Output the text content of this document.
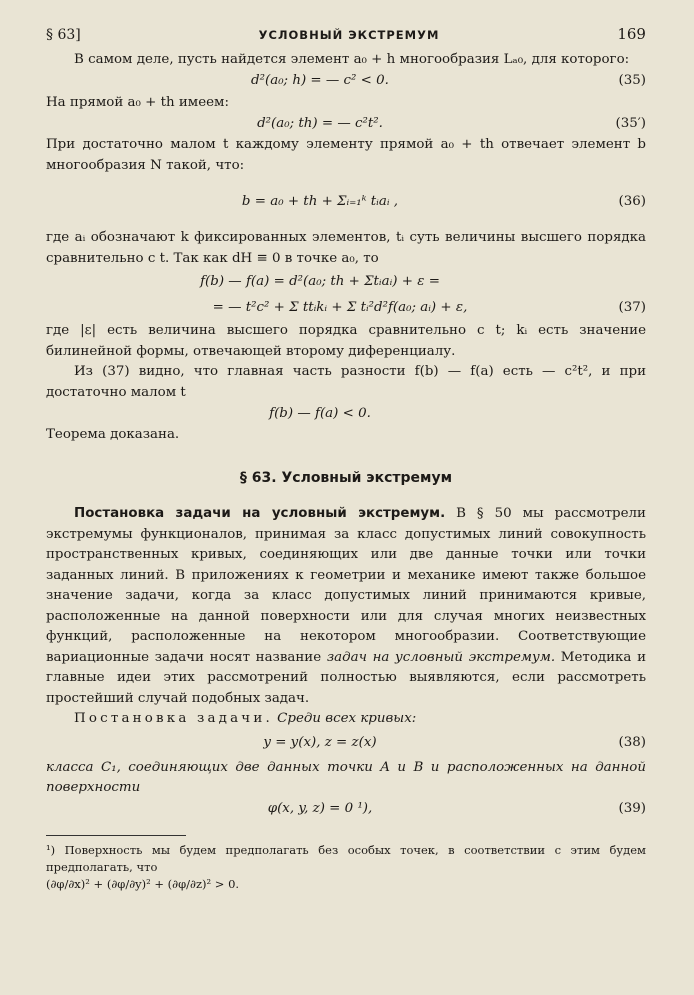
§ 63]	УСЛОВНЫЙ ЭКСТРЕМУМ	169

В самом деле, пусть найдется элемент a₀ + h многообразия Lₐ₀, для которого:

d²(a₀; h) = — c² < 0.	(35)

На прямой a₀ + th имеем:

d²(a₀; th) = — c²t².	(35′)

При достаточно малом t каждому элементу прямой a₀ + th отвечает элемент b многообразия N такой, что:

b = a₀ + th + Σᵢ₌₁ᵏ tᵢaᵢ ,	(36)

где aᵢ обозначают k фиксированных элементов, tᵢ суть величины высшего порядка сравнительно с t. Так как dH ≡ 0 в точке a₀, то

f(b) — f(a) = d²(a₀; th + Σtᵢaᵢ) + ε =
= — t²c² + Σ ttᵢkᵢ + Σ tᵢ²d²f(a₀; aᵢ) + ε,	(37)

где |ε| есть величина высшего порядка сравнительно с t; kᵢ есть значение билинейной формы, отвечающей второму диференциалу.

Из (37) видно, что главная часть разности f(b) — f(a) есть — c²t², и при достаточно малом t

f(b) — f(a) < 0.

Теорема доказана.

§ 63. Условный экстремум

Постановка задачи на условный экстремум. В § 50 мы рассмотрели экстремумы функционалов, принимая за класс допустимых линий совокупность пространственных кривых, соединяющих или две данные точки или точки заданных линий. В приложениях к геометрии и механике имеют также большое значение задачи, когда за класс допустимых линий принимаются кривые, расположенные на данной поверхности или для случая многих неизвестных функций, расположенные на некотором многообразии. Соответствующие вариационные задачи носят название задач на условный экстремум. Методика и главные идеи этих рассмотрений полностью выявляются, если рассмотреть простейший случай подобных задач.

Постановка задачи. Среди всех кривых:

y = y(x), z = z(x)	(38)

класса C₁, соединяющих две данных точки A и B и расположенных на данной поверхности

φ(x, y, z) = 0 ¹),	(39)

¹) Поверхность мы будем предполагать без особых точек, в соответствии с этим будем предполагать, что

(∂φ/∂x)² + (∂φ/∂y)² + (∂φ/∂z)² > 0.
